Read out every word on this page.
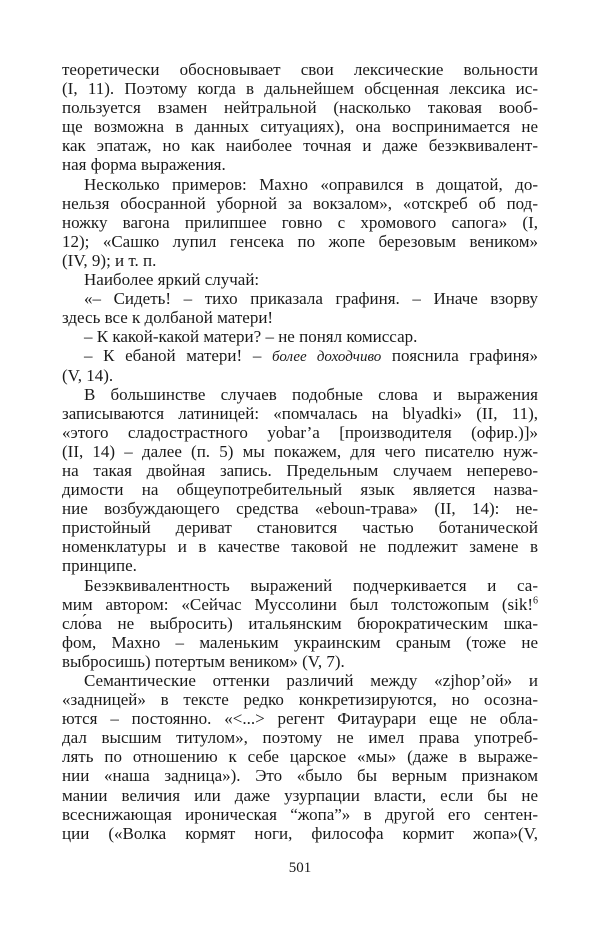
теоретически обосновывает свои лексические вольности
(I, 11). Поэтому когда в дальнейшем обсценная лексика ис-
пользуется взамен нейтральной (насколько таковая вооб-
ще возможна в данных ситуациях), она воспринимается не
как эпатаж, но как наиболее точная и даже безэквивалент-
ная форма выражения.
Несколько примеров: Махно «оправился в дощатой, до-
нельзя обосранной уборной за вокзалом», «отскреб об под-
ножку вагона прилипшее говно с хромового сапога» (I,
12); «Сашко лупил генсека по жопе березовым веником»
(IV, 9); и т. п.
Наиболее яркий случай:
«– Сидеть! – тихо приказала графиня. – Иначе взорву
здесь все к долбаной матери!
– К какой-какой матери? – не понял комиссар.
– К ебаной матери! – более доходчиво пояснила графиня»
(V, 14).
В большинстве случаев подобные слова и выражения
записываются латиницей: «помчалась на blyadki» (II, 11),
«этого сладострастного yobar’a [производителя (офир.)]»
(II, 14) – далее (п. 5) мы покажем, для чего писателю нуж-
на такая двойная запись. Предельным случаем неперево-
димости на общеупотребительный язык является назва-
ние возбуждающего средства «eboun-трава» (II, 14): не-
пристойный дериват становится частью ботанической
номенклатуры и в качестве таковой не подлежит замене в
принципе.
Безэквивалентность выражений подчеркивается и са-
мим автором: «Сейчас Муссолини был толстожопым (sik!$^6$
сло́ва не выбросить) итальянским бюрократическим шка-
фом, Махно – маленьким украинским сраным (тоже не
выбросишь) потертым веником» (V, 7).
Семантические оттенки различий между «zjhop’ой» и
«задницей» в тексте редко конкретизируются, но осозна-
ются – постоянно. «<...> регент Фитаурари еще не обла-
дал высшим титулом», поэтому не имел права употреб-
лять по отношению к себе царское «мы» (даже в выраже-
нии «наша задница»). Это «было бы верным признаком
мании величия или даже узурпации власти, если бы не
всеснижающая ироническая “жопа”» в другой его сентен-
ции («Волка кормят ноги, философа кормит жопа»(V,
501
